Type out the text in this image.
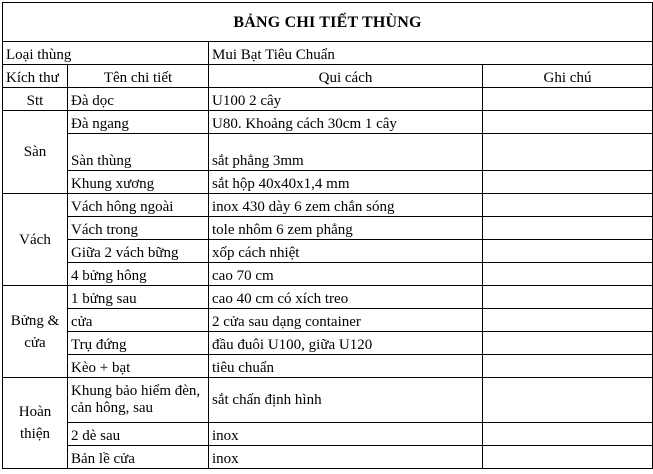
BẢNG CHI TIẾT THÙNG			
Loại thùng		Mui Bạt Tiêu Chuẩn	
Kích thư	Tên chi tiết	Qui cách	Ghi chú
Stt	Đà dọc	U100 2 cây	
Sàn	Đà ngang	U80. Khoảng cách 30cm 1 cây	
	Sàn thùng	sắt phẳng 3mm	
	Khung xương	sắt hộp 40x40x1,4 mm	
Vách	Vách hông ngoài	inox 430 dày 6 zem chắn sóng	
	Vách trong	tole nhôm 6 zem phẳng	
	Giữa 2 vách bững	xốp cách nhiệt	
	4 bửng hông	cao 70 cm	
Bửng & cửa	1 bửng sau	cao 40 cm có xích treo	
	cửa	2 cửa sau dạng container	
	Trụ đứng	đầu đuôi U100, giữa U120	
	Kèo + bạt	tiêu chuẩn	
Hoàn thiện	Khung bảo hiểm đèn, cản hông, sau	sắt chấn định hình	
	2 dè sau	inox	
	Bản lề cửa	inox	
